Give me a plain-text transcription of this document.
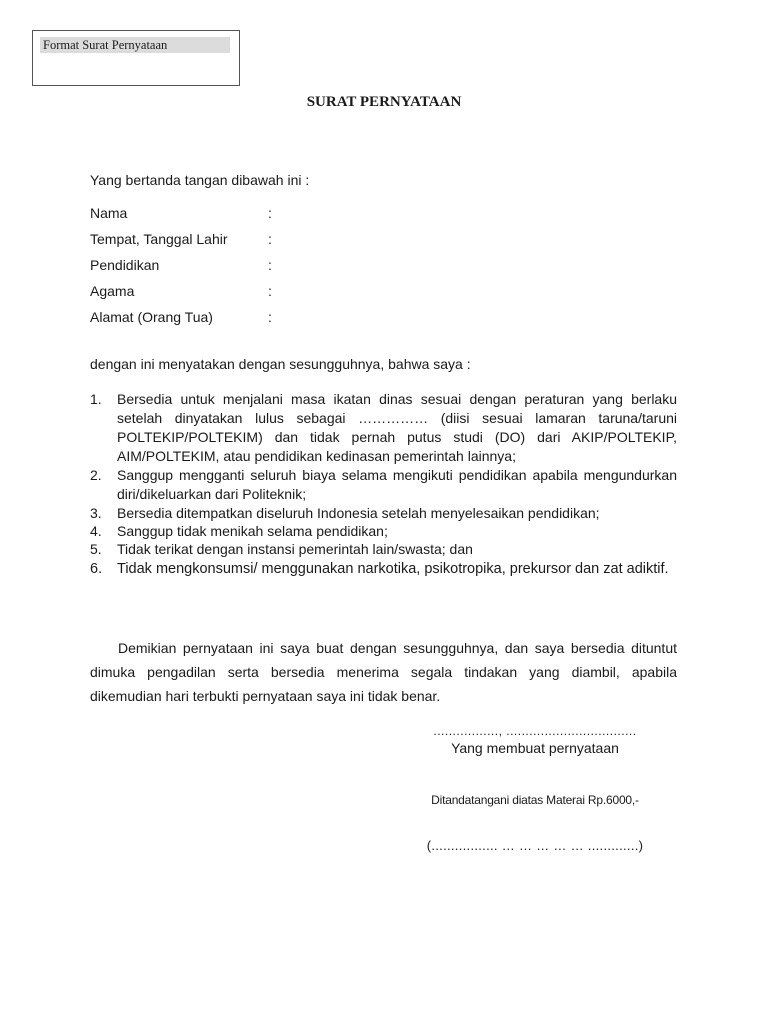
Format Surat Pernyataan
SURAT PERNYATAAN
Yang bertanda tangan dibawah ini :
Nama	:
Tempat, Tanggal Lahir	:
Pendidikan	:
Agama	:
Alamat (Orang Tua)	:
dengan ini menyatakan dengan sesungguhnya, bahwa saya :
1. Bersedia untuk menjalani masa ikatan dinas sesuai dengan peraturan yang berlaku setelah dinyatakan lulus sebagai …………… (diisi sesuai lamaran taruna/taruni POLTEKIP/POLTEKIM) dan tidak pernah putus studi (DO) dari AKIP/POLTEKIP, AIM/POLTEKIM, atau pendidikan kedinasan pemerintah lainnya;
2. Sanggup mengganti seluruh biaya selama mengikuti pendidikan apabila mengundurkan diri/dikeluarkan dari Politeknik;
3. Bersedia ditempatkan diseluruh Indonesia setelah menyelesaikan pendidikan;
4. Sanggup tidak menikah selama pendidikan;
5. Tidak terikat dengan instansi pemerintah lain/swasta; dan
6. Tidak mengkonsumsi/ menggunakan narkotika, psikotropika, prekursor dan zat adiktif.
Demikian pernyataan ini saya buat dengan sesungguhnya, dan saya bersedia dituntut dimuka pengadilan serta bersedia menerima segala tindakan yang diambil, apabila dikemudian hari terbukti pernyataan saya ini tidak benar.
................., ..................................
Yang membuat pernyataan
Ditandatangani diatas Materai Rp.6000,-
(................. … … … … … .............)
